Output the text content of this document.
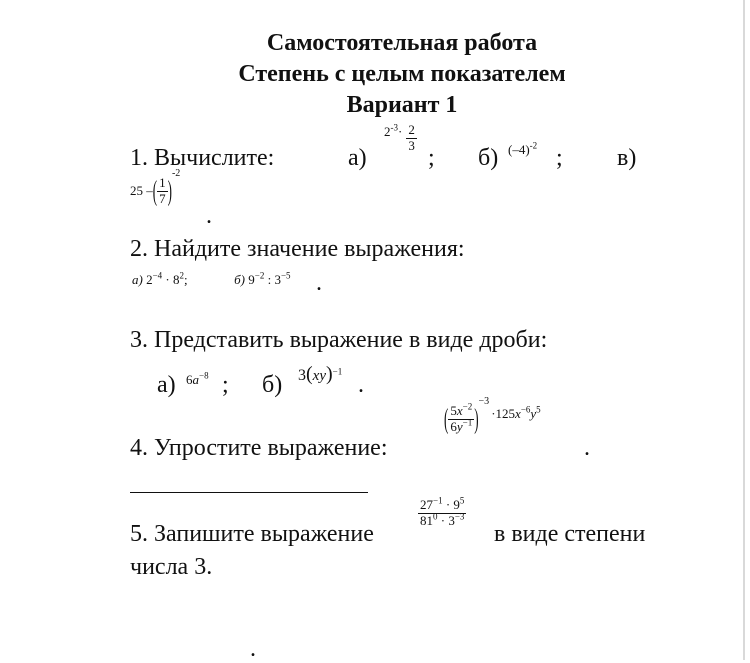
Самостоятельная работа
Степень с целым показателем
Вариант 1
1. Вычислите:	а)
$^{2^{-3}\cdot} \frac{2}{3}$
; б) $(-4)^{-2}$ ; в)
25 – ( $\frac{1}{7}$ )
-2
.
2. Найдите значение выражения:
а) $2^{-4} \cdot 8^2$;	б) $9^{-2}$ : $3^{-5}$ .
3. Представить выражение в виде дроби:
а) $6a^{-8}$ ; б) 3(xy)$^{-1}$
.
4. Упростите выражение:
( $\frac{5x^{-2}}{6y^{-1}}$ )
−3
$\cdot 125x^{-6}y^5$
.
5. Запишите выражение
$\frac{27^{-1} \cdot 9^5}{81^0 \cdot 3^{-3}}$
в виде степени
числа 3.
.
